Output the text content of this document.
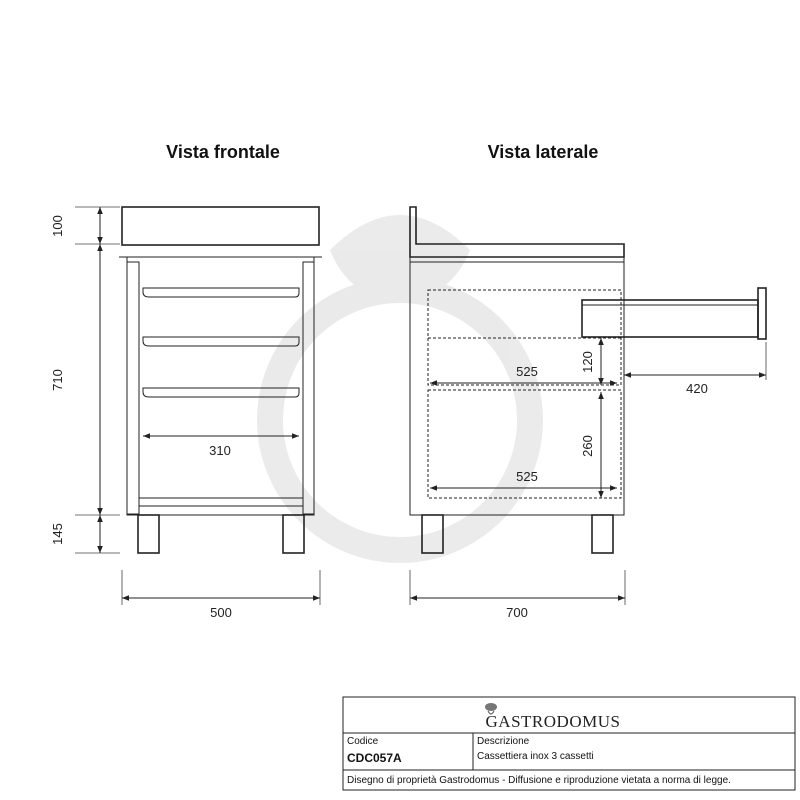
Vista frontale	Vista laterale
310
100
710
145
500
525
525
120
260
420
700
GASTRODOMUS
Codice
CDC057A
Descrizione
Cassettiera inox 3 cassetti
Disegno di proprietà Gastrodomus - Diffusione e riproduzione vietata a norma di legge.
